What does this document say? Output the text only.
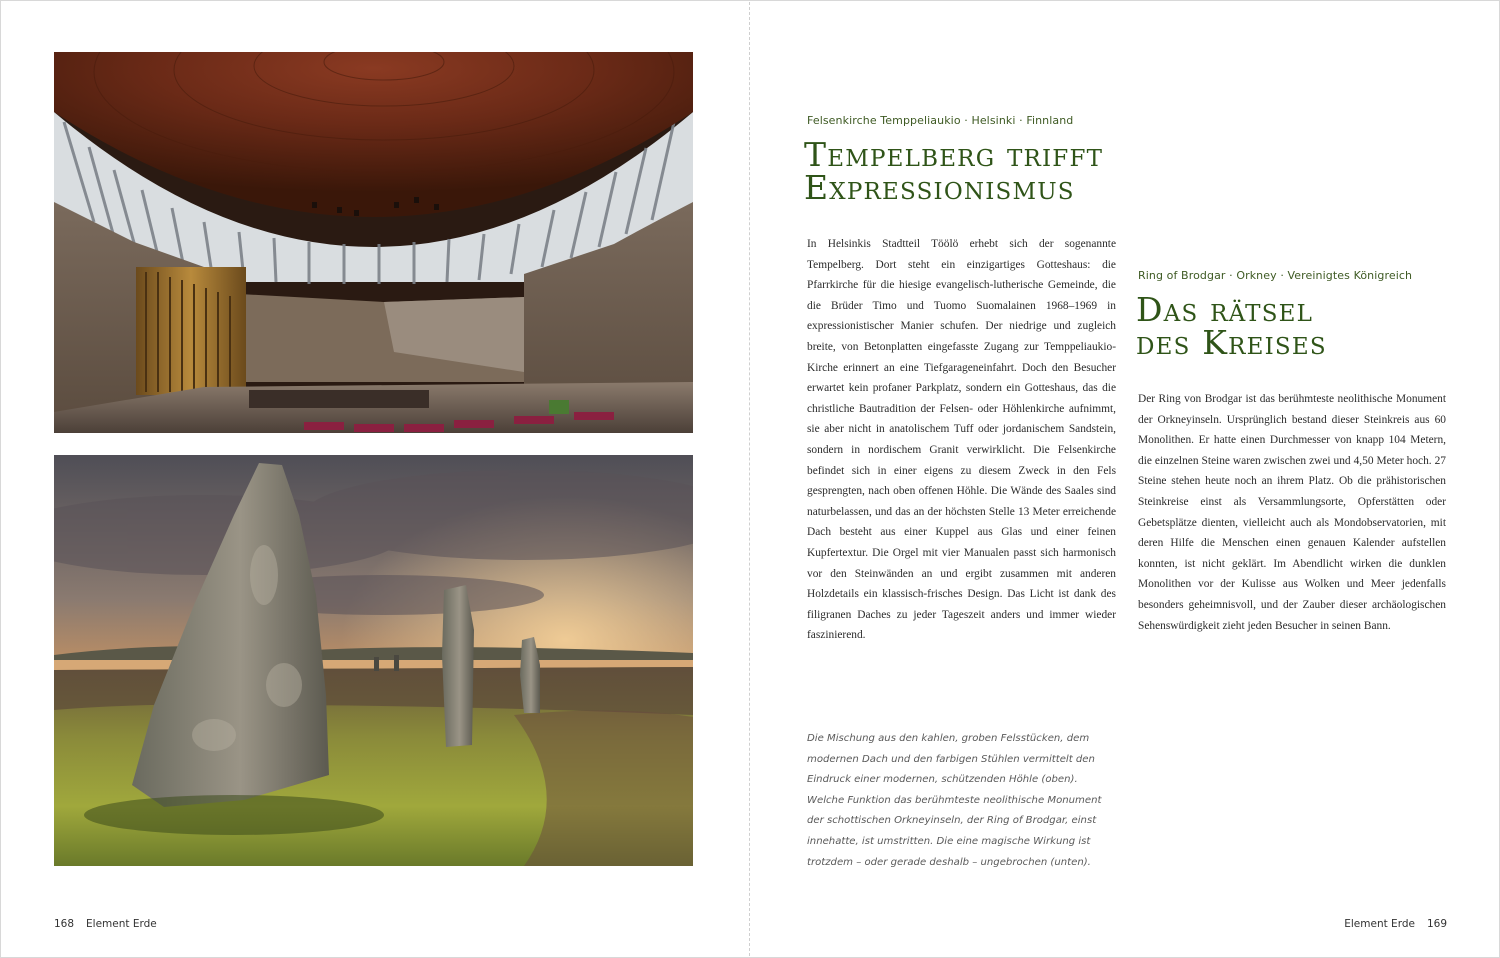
Felsenkirche Temppeliaukio · Helsinki · Finnland
Tempelberg trifft
Expressionismus

In Helsinkis Stadtteil Töölö erhebt sich der sogenannte Tempelberg. Dort steht ein einzigartiges Gotteshaus: die Pfarrkirche für die hiesige evangelisch-lutherische Gemeinde, die die Brüder Timo und Tuomo Suomalainen 1968–1969 in expressionistischer Manier schufen. Der niedrige und zugleich breite, von Betonplatten eingefasste Zugang zur Temppeliaukio-Kirche erinnert an eine Tiefgarageneinfahrt. Doch den Besucher erwartet kein profaner Parkplatz, sondern ein Gotteshaus, das die christliche Bautradition der Felsen- oder Höhlenkirche aufnimmt, sie aber nicht in anatolischem Tuff oder jordanischem Sandstein, sondern in nordischem Granit verwirklicht. Die Felsenkirche befindet sich in einer eigens zu diesem Zweck in den Fels gesprengten, nach oben offenen Höhle. Die Wände des Saales sind naturbelassen, und das an der höchsten Stelle 13 Meter erreichende Dach besteht aus einer Kuppel aus Glas und einer feinen Kupfertextur. Die Orgel mit vier Manualen passt sich harmonisch vor den Steinwänden an und ergibt zusammen mit anderen Holzdetails ein klassisch-frisches Design. Das Licht ist dank des filigranen Daches zu jeder Tageszeit anders und immer wieder faszinierend.

Ring of Brodgar · Orkney · Vereinigtes Königreich
Das rätsel
des Kreises

Der Ring von Brodgar ist das berühmteste neolithische Monument der Orkneyinseln. Ursprünglich bestand dieser Steinkreis aus 60 Monolithen. Er hatte einen Durchmesser von knapp 104 Metern, die einzelnen Steine waren zwischen zwei und 4,50 Meter hoch. 27 Steine stehen heute noch an ihrem Platz. Ob die prähistorischen Steinkreise einst als Versammlungsorte, Opferstätten oder Gebetsplätze dienten, vielleicht auch als Mondobservatorien, mit deren Hilfe die Menschen einen genauen Kalender aufstellen konnten, ist nicht geklärt. Im Abendlicht wirken die dunklen Monolithen vor der Kulisse aus Wolken und Meer jedenfalls besonders geheimnisvoll, und der Zauber dieser archäologischen Sehenswürdigkeit zieht jeden Besucher in seinen Bann.

Die Mischung aus den kahlen, groben Felsstücken, dem modernen Dach und den farbigen Stühlen vermittelt den Eindruck einer modernen, schützenden Höhle (oben). Welche Funktion das berühmteste neolithische Monument der schottischen Orkneyinseln, der Ring of Brodgar, einst innehatte, ist umstritten. Die eine magische Wirkung ist trotzdem – oder gerade deshalb – ungebrochen (unten).

168 Element Erde	Element Erde 169
